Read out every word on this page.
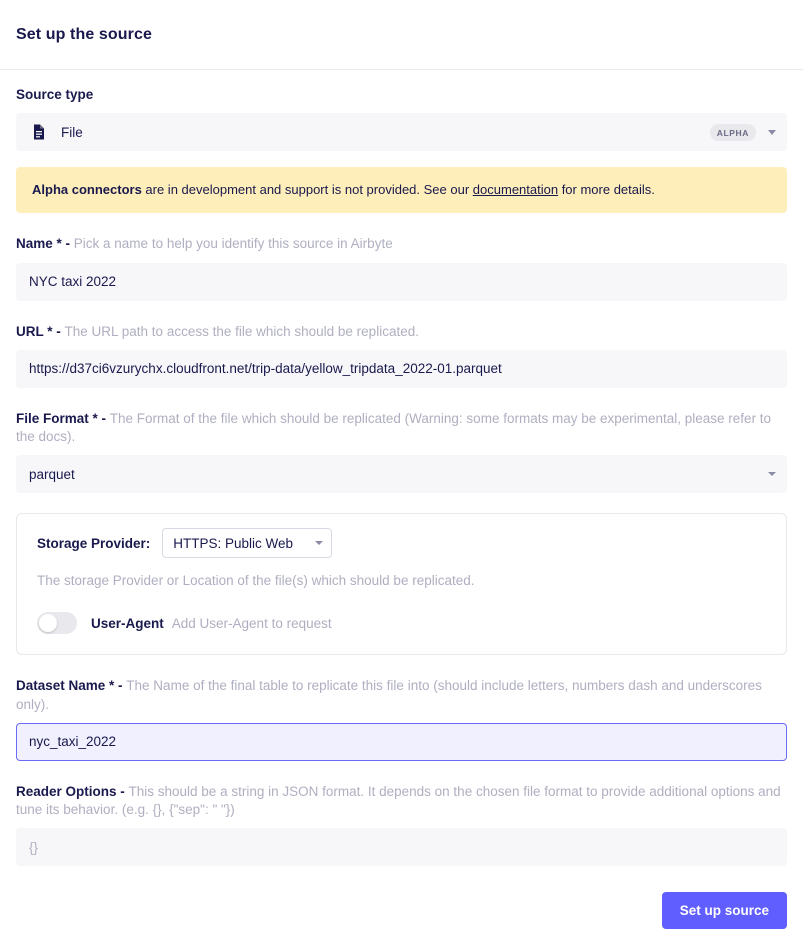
Set up the source
Source type
File	ALPHA
Alpha connectors are in development and support is not provided. See our documentation for more details.
Name * - Pick a name to help you identify this source in Airbyte
NYC taxi 2022
URL * - The URL path to access the file which should be replicated.
https://d37ci6vzurychx.cloudfront.net/trip-data/yellow_tripdata_2022-01.parquet
File Format * - The Format of the file which should be replicated (Warning: some formats may be experimental, please refer to the docs).
parquet
Storage Provider: HTTPS: Public Web
The storage Provider or Location of the file(s) which should be replicated.
User-Agent Add User-Agent to request
Dataset Name * - The Name of the final table to replicate this file into (should include letters, numbers dash and underscores only).
nyc_taxi_2022
Reader Options - This should be a string in JSON format. It depends on the chosen file format to provide additional options and tune its behavior. (e.g. {}, {"sep": " "})
{}
Set up source
